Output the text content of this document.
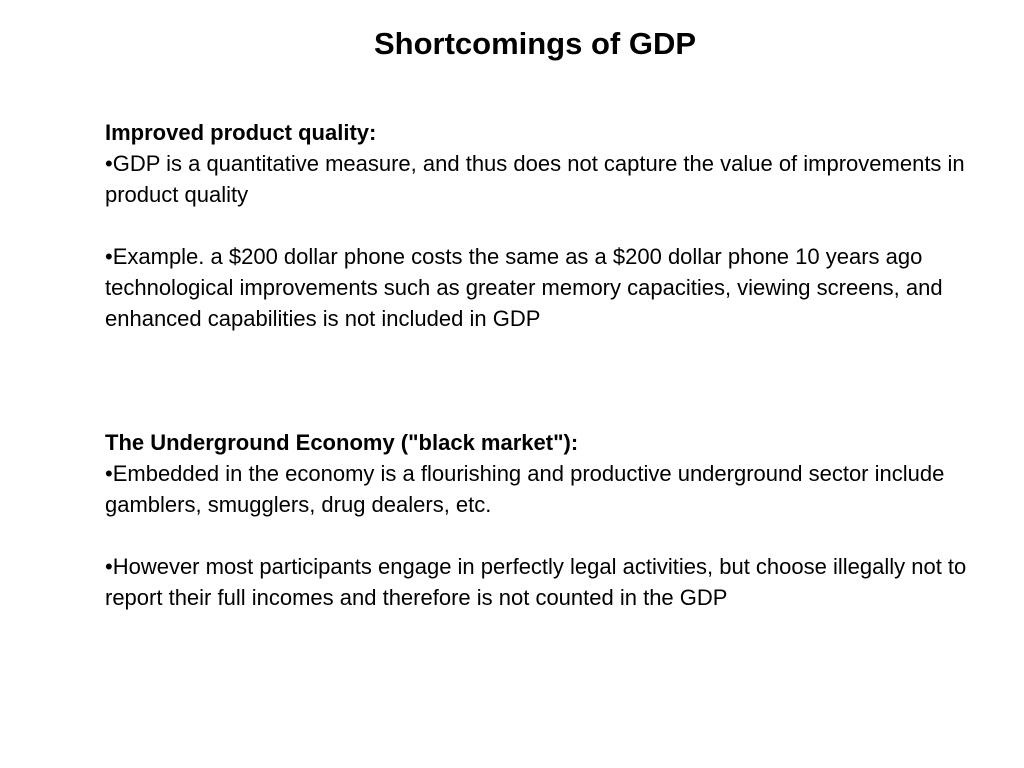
Shortcomings of GDP

Improved product quality:

•GDP is a quantitative measure, and thus does not capture the value of improvements in product quality

•Example. a $200 dollar phone costs the same as a $200 dollar phone 10 years ago technological improvements such as greater memory capacities, viewing screens, and enhanced capabilities is not included in GDP

The Underground Economy ("black market"):

•Embedded in the economy is a flourishing and productive underground sector include gamblers, smugglers, drug dealers, etc.

•However most participants engage in perfectly legal activities, but choose illegally not to report their full incomes and therefore is not counted in the GDP
